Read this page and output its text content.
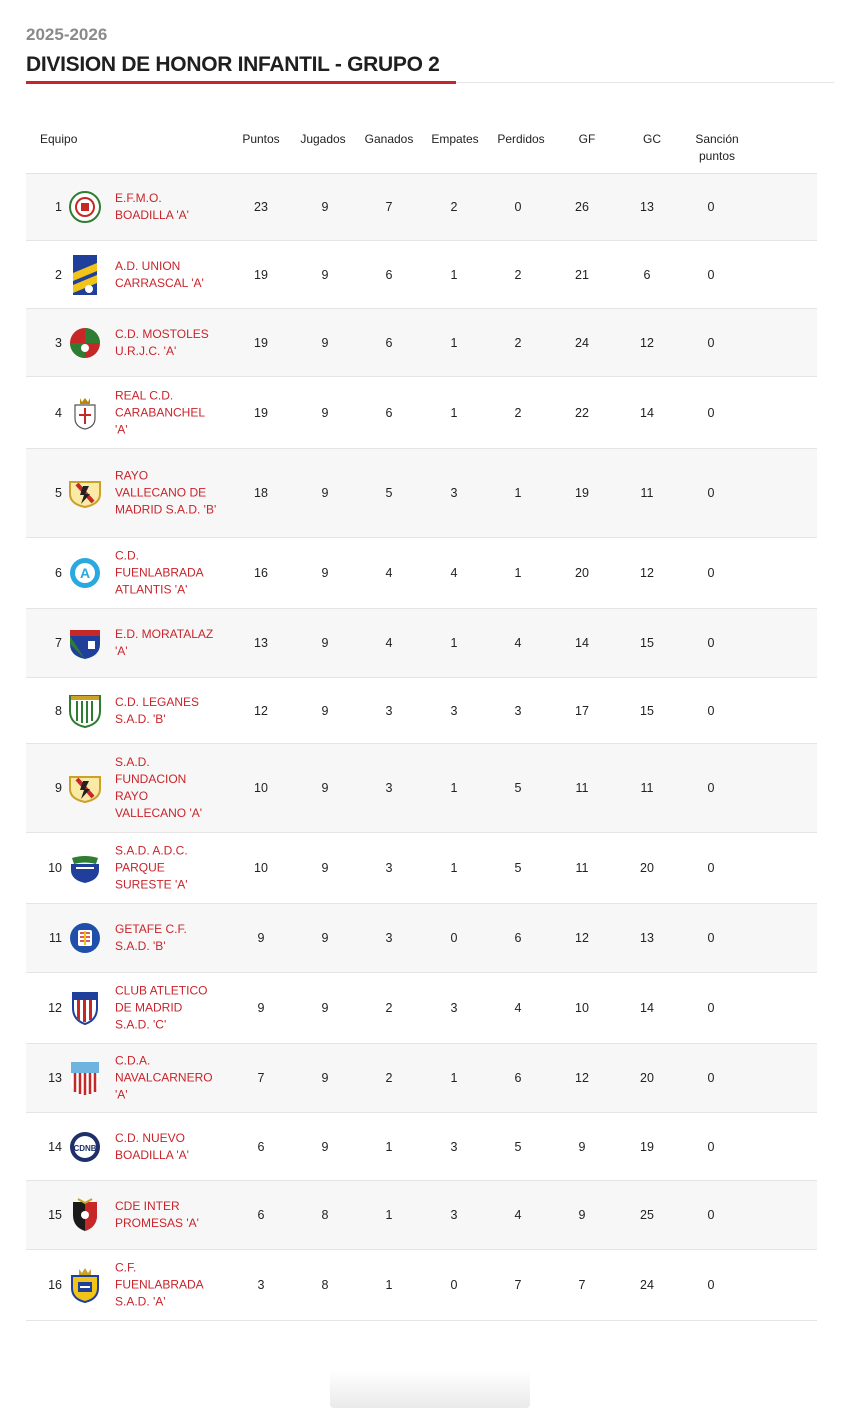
2025-2026
DIVISION DE HONOR INFANTIL - GRUPO 2
Equipo	Puntos	Jugados Ganados Empates	Perdidos	GF	GC	Sanción puntos
1
E.F.M.O. BOADILLA 'A'
23	9	7	2	0	26	13	0
2
A.D. UNION CARRASCAL 'A'
19	9	6	1	2	21	6	0
3
C.D. MOSTOLES U.R.J.C. 'A'
19	9	6	1	2	24	12	0
4
REAL C.D. CARABANCHEL 'A'
19	9	6	1	2	22	14	0
5
RAYO VALLECANO DE MADRID S.A.D. 'B'
18	9	5	3	1	19	11	0
6 A
C.D. FUENLABRADA ATLANTIS 'A'
16	9	4	4	1	20	12	0
7
E.D. MORATALAZ 'A'
13	9	4	1	4	14	15	0
8
C.D. LEGANES S.A.D. 'B'
12	9	3	3	3	17	15	0
9
S.A.D. FUNDACION RAYO VALLECANO 'A'
10	9	3	1	5	11	11	0
10
S.A.D. A.D.C. PARQUE SURESTE 'A'
10	9	3	1	5	11	20	0
11
GETAFE C.F. S.A.D. 'B'
9	9	3	0	6	12	13	0
12
CLUB ATLETICO DE MADRID S.A.D. 'C'
9	9	2	3	4	10	14	0
13
C.D.A. NAVALCARNERO 'A'
7	9	2	1	6	12	20	0
14 CDNB
C.D. NUEVO BOADILLA 'A'
6	9	1	3	5	9	19	0
15
CDE INTER PROMESAS 'A'
6	8	1	3	4	9	25	0
16
C.F. FUENLABRADA S.A.D. 'A'
3	8	1	0	7	7	24	0
